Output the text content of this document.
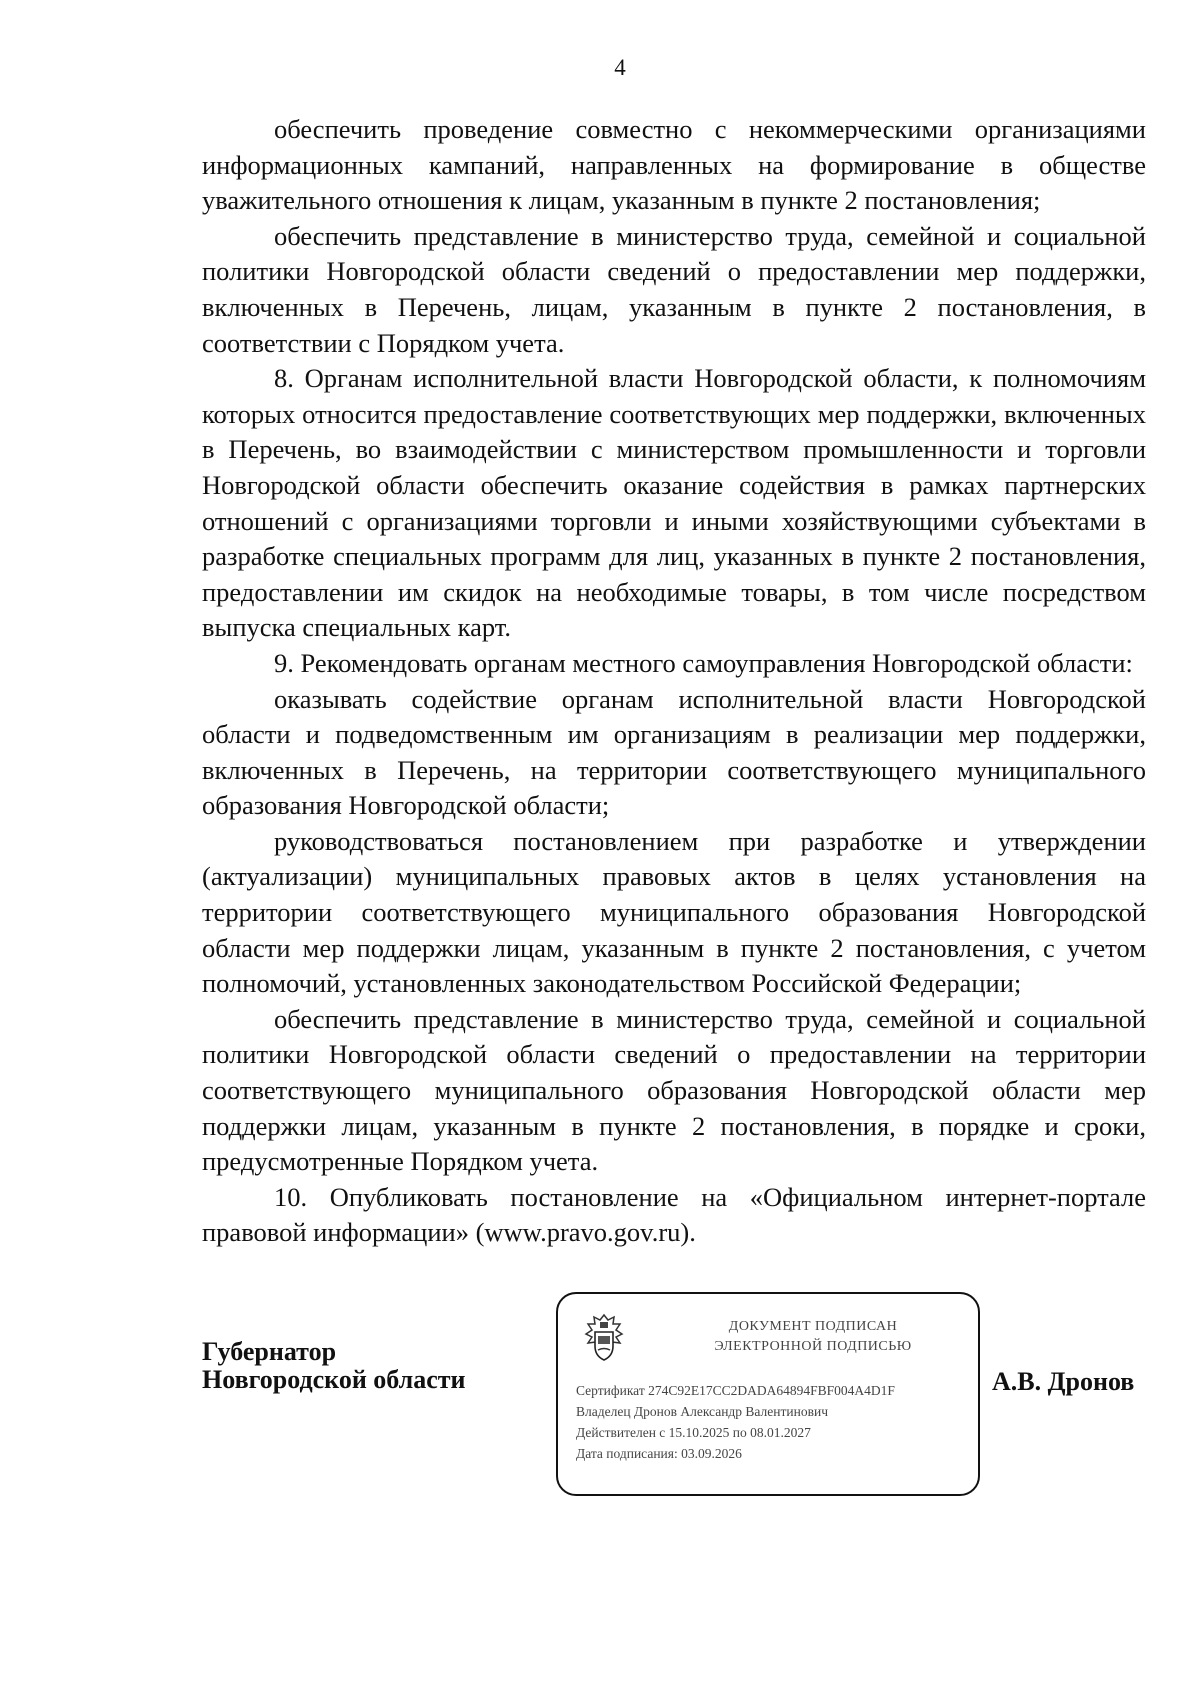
4

обеспечить проведение совместно с некоммерческими организациями информационных кампаний, направленных на формирование в обществе уважительного отношения к лицам, указанным в пункте 2 постановления;

обеспечить представление в министерство труда, семейной и социальной политики Новгородской области сведений о предоставлении мер поддержки, включенных в Перечень, лицам, указанным в пункте 2 постановления, в соответствии с Порядком учета.

8. Органам исполнительной власти Новгородской области, к полномочиям которых относится предоставление соответствующих мер поддержки, включенных в Перечень, во взаимодействии с министерством промышленности и торговли Новгородской области обеспечить оказание содействия в рамках партнерских отношений с организациями торговли и иными хозяйствующими субъектами в разработке специальных программ для лиц, указанных в пункте 2 постановления, предоставлении им скидок на необходимые товары, в том числе посредством выпуска специальных карт.

9. Рекомендовать органам местного самоуправления Новгородской области:

оказывать содействие органам исполнительной власти Новгородской области и подведомственным им организациям в реализации мер поддержки, включенных в Перечень, на территории соответствующего муниципального образования Новгородской области;

руководствоваться постановлением при разработке и утверждении (актуализации) муниципальных правовых актов в целях установления на территории соответствующего муниципального образования Новгородской области мер поддержки лицам, указанным в пункте 2 постановления, с учетом полномочий, установленных законодательством Российской Федерации;

обеспечить представление в министерство труда, семейной и социальной политики Новгородской области сведений о предоставлении на территории соответствующего муниципального образования Новгородской области мер поддержки лицам, указанным в пункте 2 постановления, в порядке и сроки, предусмотренные Порядком учета.

10. Опубликовать постановление на «Официальном интернет-портале правовой информации» (www.pravo.gov.ru).

Губернатор
Новгородской области
ДОКУМЕНТ ПОДПИСАН
ЭЛЕКТРОННОЙ ПОДПИСЬЮ
Сертификат 274C92E17CC2DADA64894FBF004A4D1F
Владелец Дронов Александр Валентинович
Действителен с 15.10.2025 по 08.01.2027
Дата подписания: 03.09.2026
А.В. Дронов
